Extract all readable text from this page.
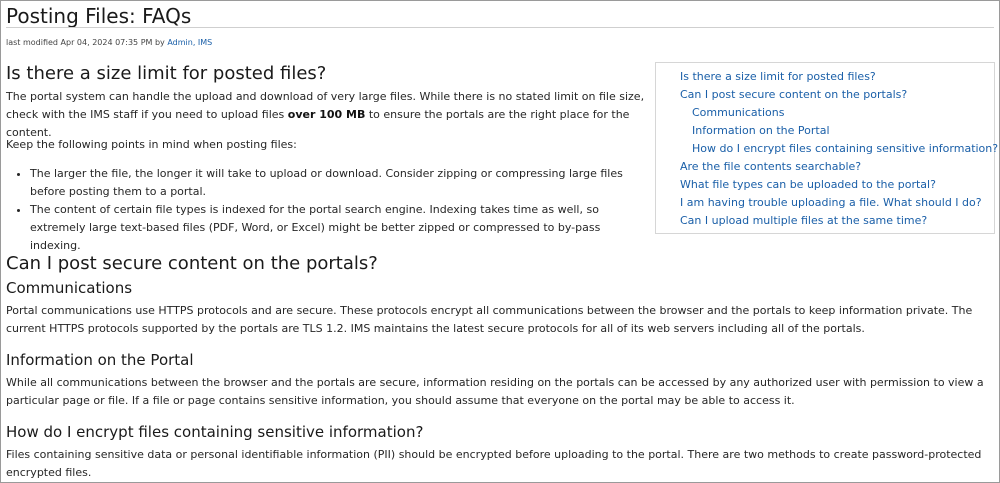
Posting Files: FAQs
last modified Apr 04, 2024 07:35 PM by Admin, IMS
Is there a size limit for posted files?

The portal system can handle the upload and download of very large files. While there is no stated limit on file size, check with the IMS staff if you need to upload files over 100 MB to ensure the portals are the right place for the content.

Keep the following points in mind when posting files:

• The larger the file, the longer it will take to upload or download. Consider zipping or compressing large files before posting them to a portal.
• The content of certain file types is indexed for the portal search engine. Indexing takes time as well, so extremely large text-based files (PDF, Word, or Excel) might be better zipped or compressed to by-pass indexing.
Is there a size limit for posted files?
Can I post secure content on the portals?
Communications
Information on the Portal
How do I encrypt files containing sensitive information?
Are the file contents searchable?
What file types can be uploaded to the portal?
I am having trouble uploading a file. What should I do?
Can I upload multiple files at the same time?
Can I post secure content on the portals?
Communications

Portal communications use HTTPS protocols and are secure. These protocols encrypt all communications between the browser and the portals to keep information private. The current HTTPS protocols supported by the portals are TLS 1.2. IMS maintains the latest secure protocols for all of its web servers including all of the portals.

Information on the Portal

While all communications between the browser and the portals are secure, information residing on the portals can be accessed by any authorized user with permission to view a particular page or file. If a file or page contains sensitive information, you should assume that everyone on the portal may be able to access it.

How do I encrypt files containing sensitive information?

Files containing sensitive data or personal identifiable information (PII) should be encrypted before uploading to the portal. There are two methods to create password-protected encrypted files.
